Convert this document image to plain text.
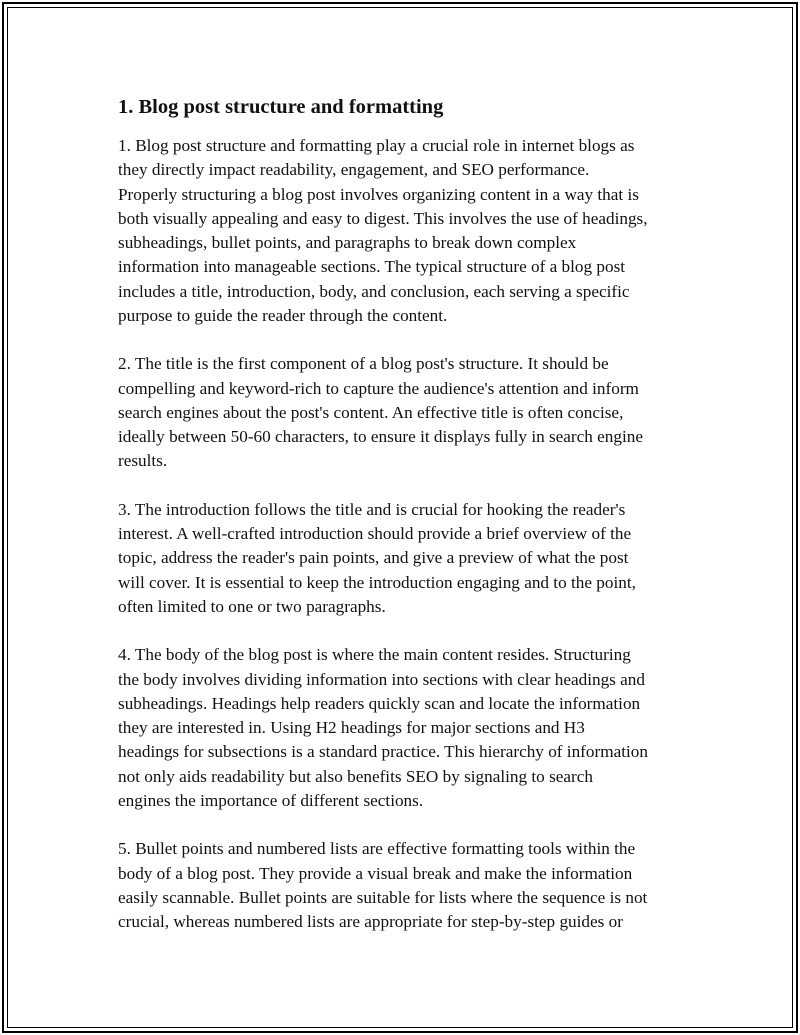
1. Blog post structure and formatting

1. Blog post structure and formatting play a crucial role in internet blogs as
they directly impact readability, engagement, and SEO performance.
Properly structuring a blog post involves organizing content in a way that is
both visually appealing and easy to digest. This involves the use of headings,
subheadings, bullet points, and paragraphs to break down complex
information into manageable sections. The typical structure of a blog post
includes a title, introduction, body, and conclusion, each serving a specific
purpose to guide the reader through the content.

2. The title is the first component of a blog post's structure. It should be
compelling and keyword-rich to capture the audience's attention and inform
search engines about the post's content. An effective title is often concise,
ideally between 50-60 characters, to ensure it displays fully in search engine
results.

3. The introduction follows the title and is crucial for hooking the reader's
interest. A well-crafted introduction should provide a brief overview of the
topic, address the reader's pain points, and give a preview of what the post
will cover. It is essential to keep the introduction engaging and to the point,
often limited to one or two paragraphs.

4. The body of the blog post is where the main content resides. Structuring
the body involves dividing information into sections with clear headings and
subheadings. Headings help readers quickly scan and locate the information
they are interested in. Using H2 headings for major sections and H3
headings for subsections is a standard practice. This hierarchy of information
not only aids readability but also benefits SEO by signaling to search
engines the importance of different sections.

5. Bullet points and numbered lists are effective formatting tools within the
body of a blog post. They provide a visual break and make the information
easily scannable. Bullet points are suitable for lists where the sequence is not
crucial, whereas numbered lists are appropriate for step-by-step guides or
